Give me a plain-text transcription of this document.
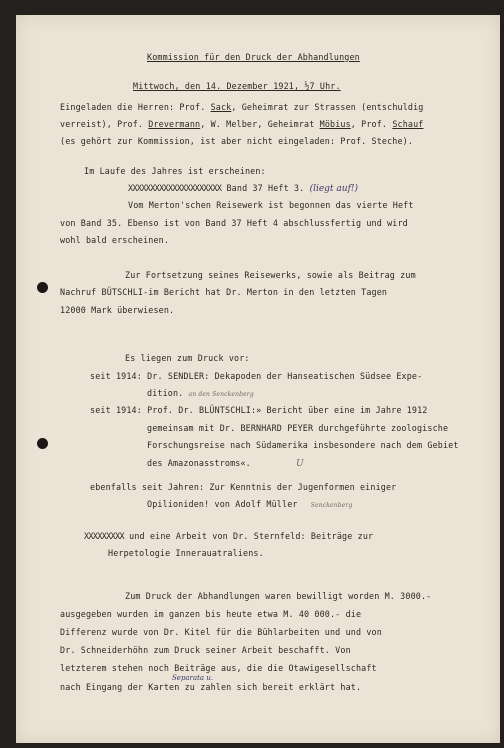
Kommission für den Druck der Abhandlungen
Mittwoch, den 14. Dezember 1921, ½7 Uhr.
Eingeladen die Herren: Prof. Sack, Geheimrat zur Strassen (entschuldig
verreist), Prof. Drevermann, W. Melber, Geheimrat Möbius, Prof. Schauf
(es gehört zur Kommission, ist aber nicht eingeladen: Prof. Steche).
Im Laufe des Jahres ist erscheinen:
XXXXXXXXXXXXXXXXXXXXX Band 37 Heft 3. (liegt auf!)
Vom Merton'schen Reisewerk ist begonnen das vierte Heft
von Band 35. Ebenso ist von Band 37 Heft 4 abschlussfertig und wird
wohl bald erscheinen.
Zur Fortsetzung seines Reisewerks, sowie als Beitrag zum
Nachruf BÜTSCHLI-im Bericht hat Dr. Merton in den letzten Tagen
12000 Mark überwiesen.
Es liegen zum Druck vor:
seit 1914: Dr. SENDLER: Dekapoden der Hanseatischen Südsee Expe-
dition. an den Senckenberg
seit 1914: Prof. Dr. BLÜNTSCHLI:» Bericht über eine im Jahre 1912
gemeinsam mit Dr. BERNHARD PEYER durchgeführte zoologische
Forschungsreise nach Südamerika insbesondere nach dem Gebiet
des Amazonasstroms«.	U
ebenfalls seit Jahren: Zur Kenntnis der Jugenformen einiger
Opilioniden! von Adolf Müller Senckenberg
XXXXXXXXX und eine Arbeit von Dr. Sternfeld: Beiträge zur
Herpetologie Innerauatraliens.
Zum Druck der Abhandlungen waren bewilligt worden M. 3000.-
ausgegeben wurden im ganzen bis heute etwa M. 40 000.- die
Differenz wurde von Dr. Kitel für die Bühlarbeiten und und von
Dr. Schneiderhöhn zum Druck seiner Arbeit beschafft. Von
letzterem stehen noch Beiträge aus, die die Otawigesellschaft
Separata u.
nach Eingang der Karten zu zahlen sich bereit erklärt hat.
